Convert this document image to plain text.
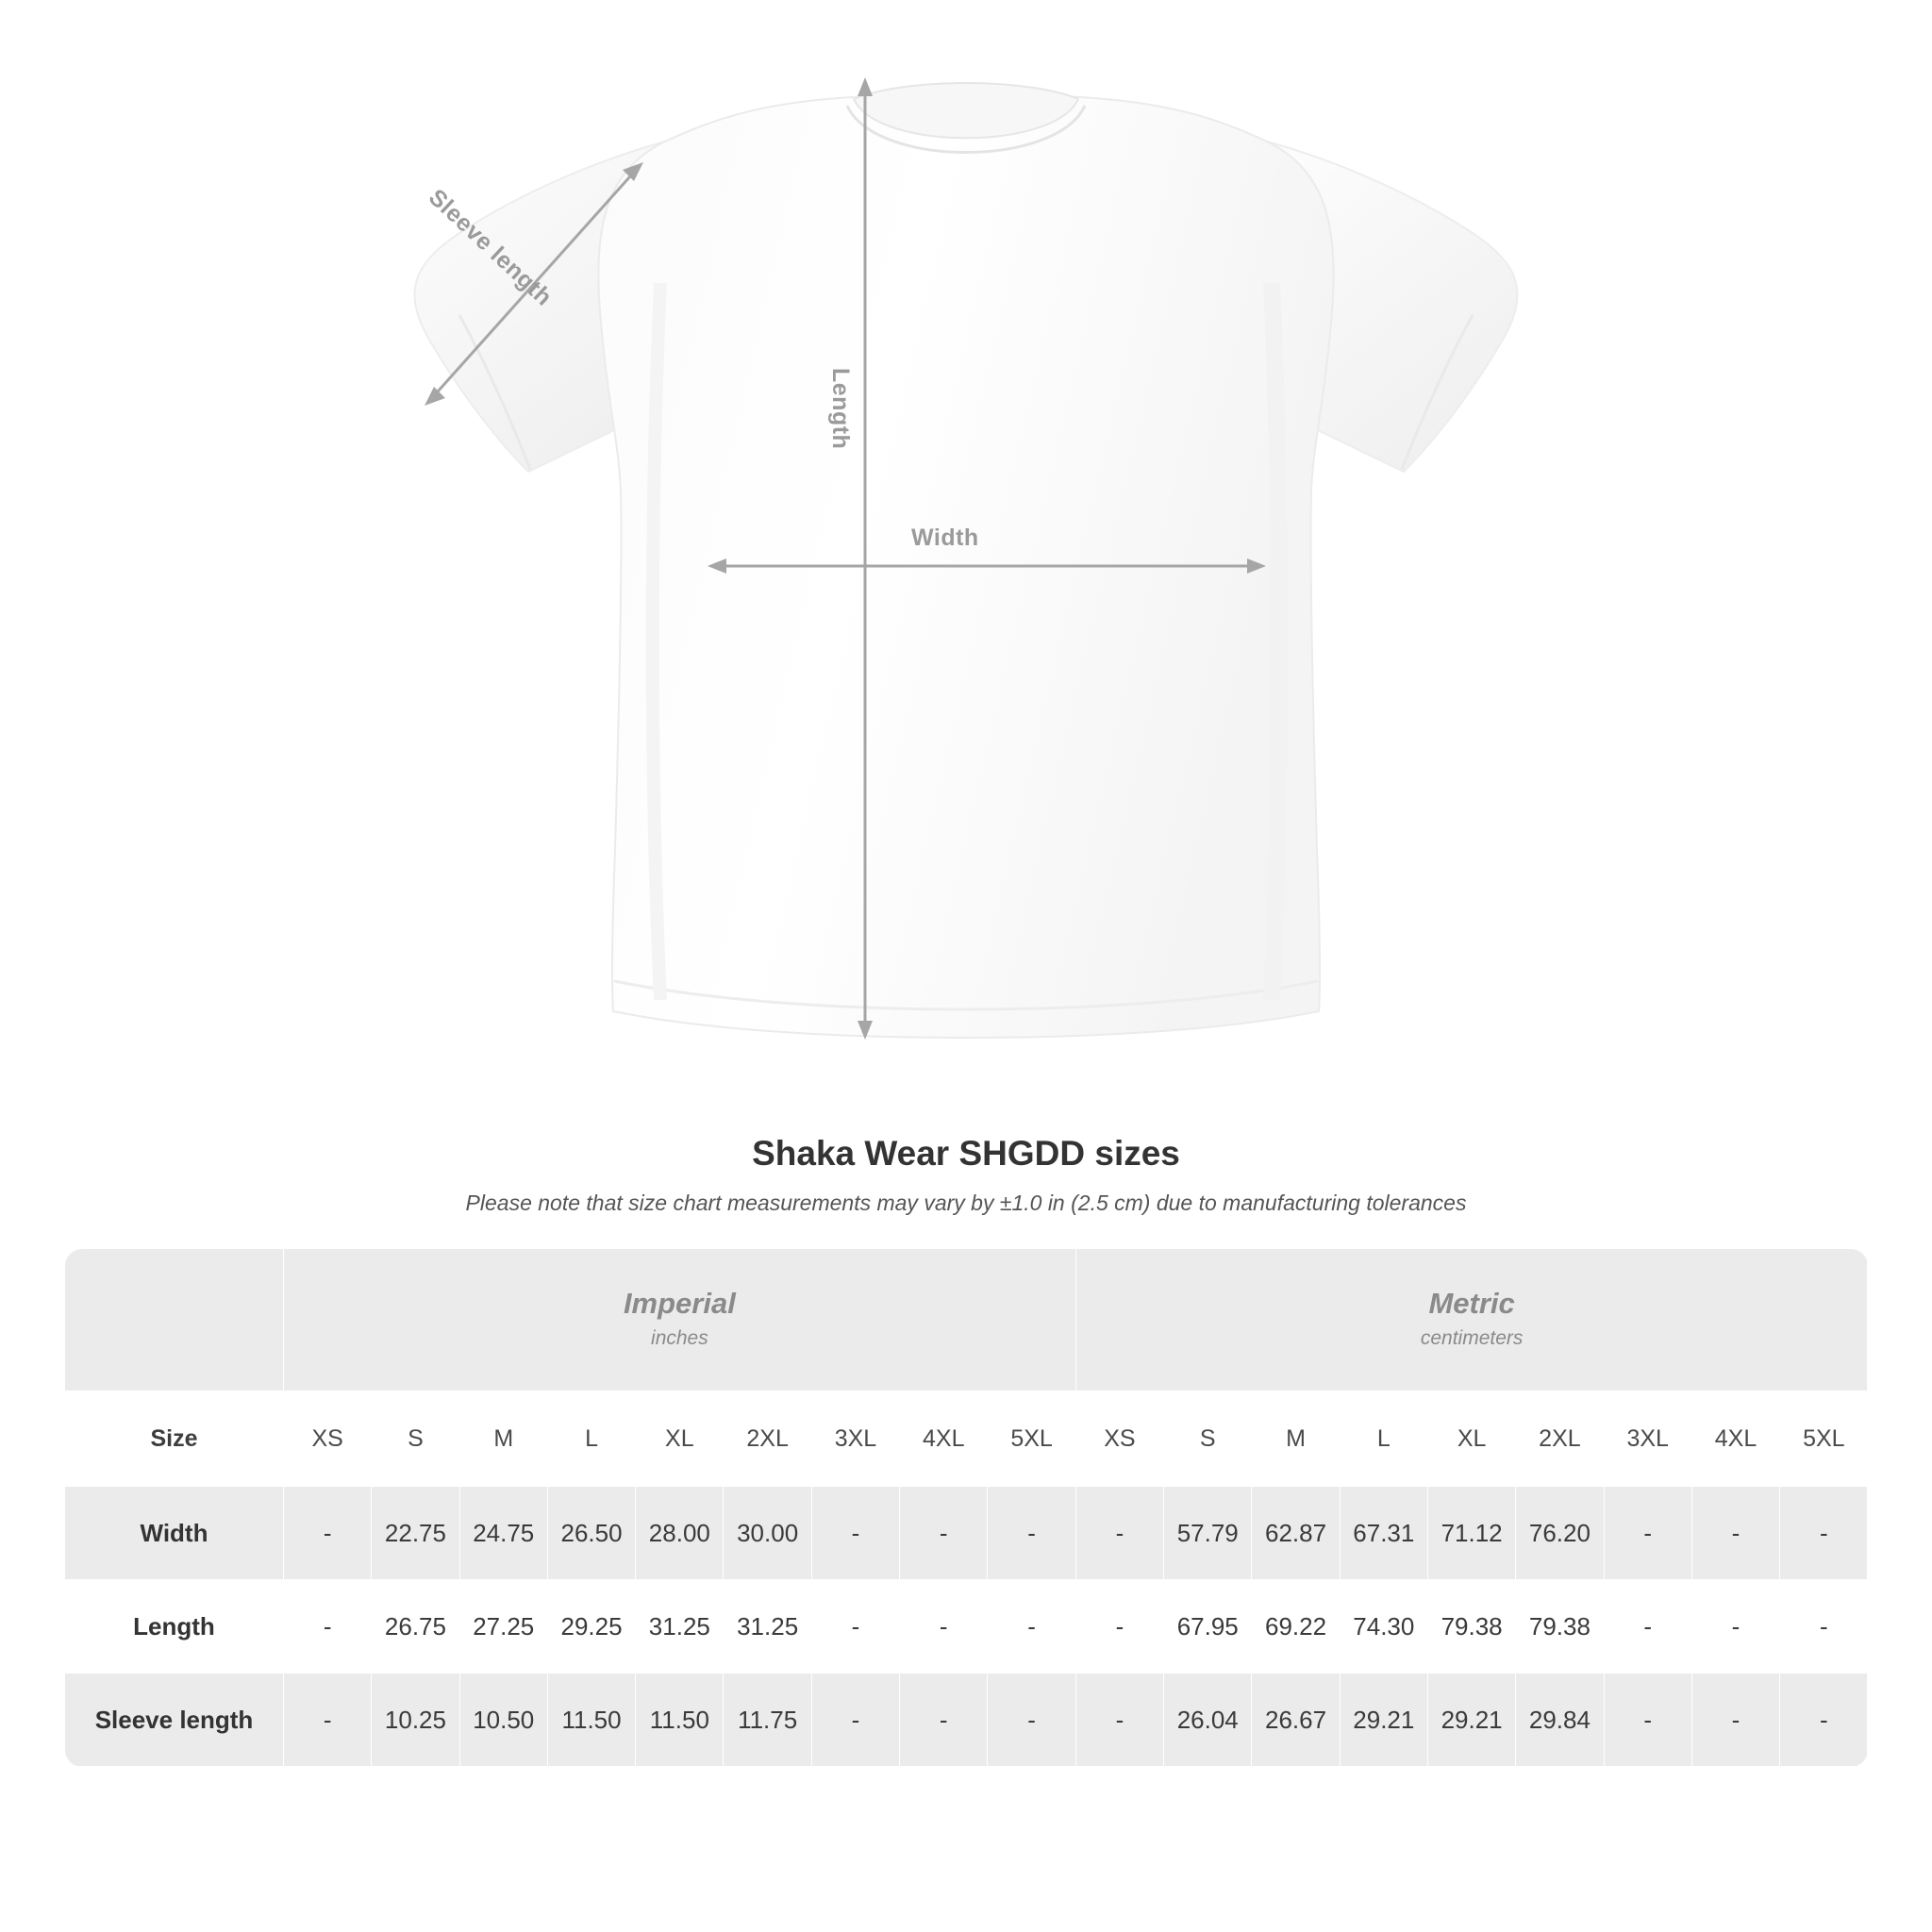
Width
Length
Sleeve length
Shaka Wear SHGDD sizes

Please note that size chart measurements may vary by ±1.0 in (2.5 cm) due to manufacturing tolerances

Imperial
inches

Metric
centimeters

Size	XS	S	M	L	XL	2XL	3XL	4XL	5XL	XS	S	M	L	XL	2XL	3XL	4XL	5XL
Width	-	22.75	24.75	26.50	28.00	30.00	-	-	-	-	57.79	62.87	67.31	71.12	76.20	-	-	-
Length	-	26.75	27.25	29.25	31.25	31.25	-	-	-	-	67.95	69.22	74.30	79.38	79.38	-	-	-
Sleeve length	-	10.25	10.50	11.50	11.50	11.75	-	-	-	-	26.04	26.67	29.21	29.21	29.84	-	-	-
